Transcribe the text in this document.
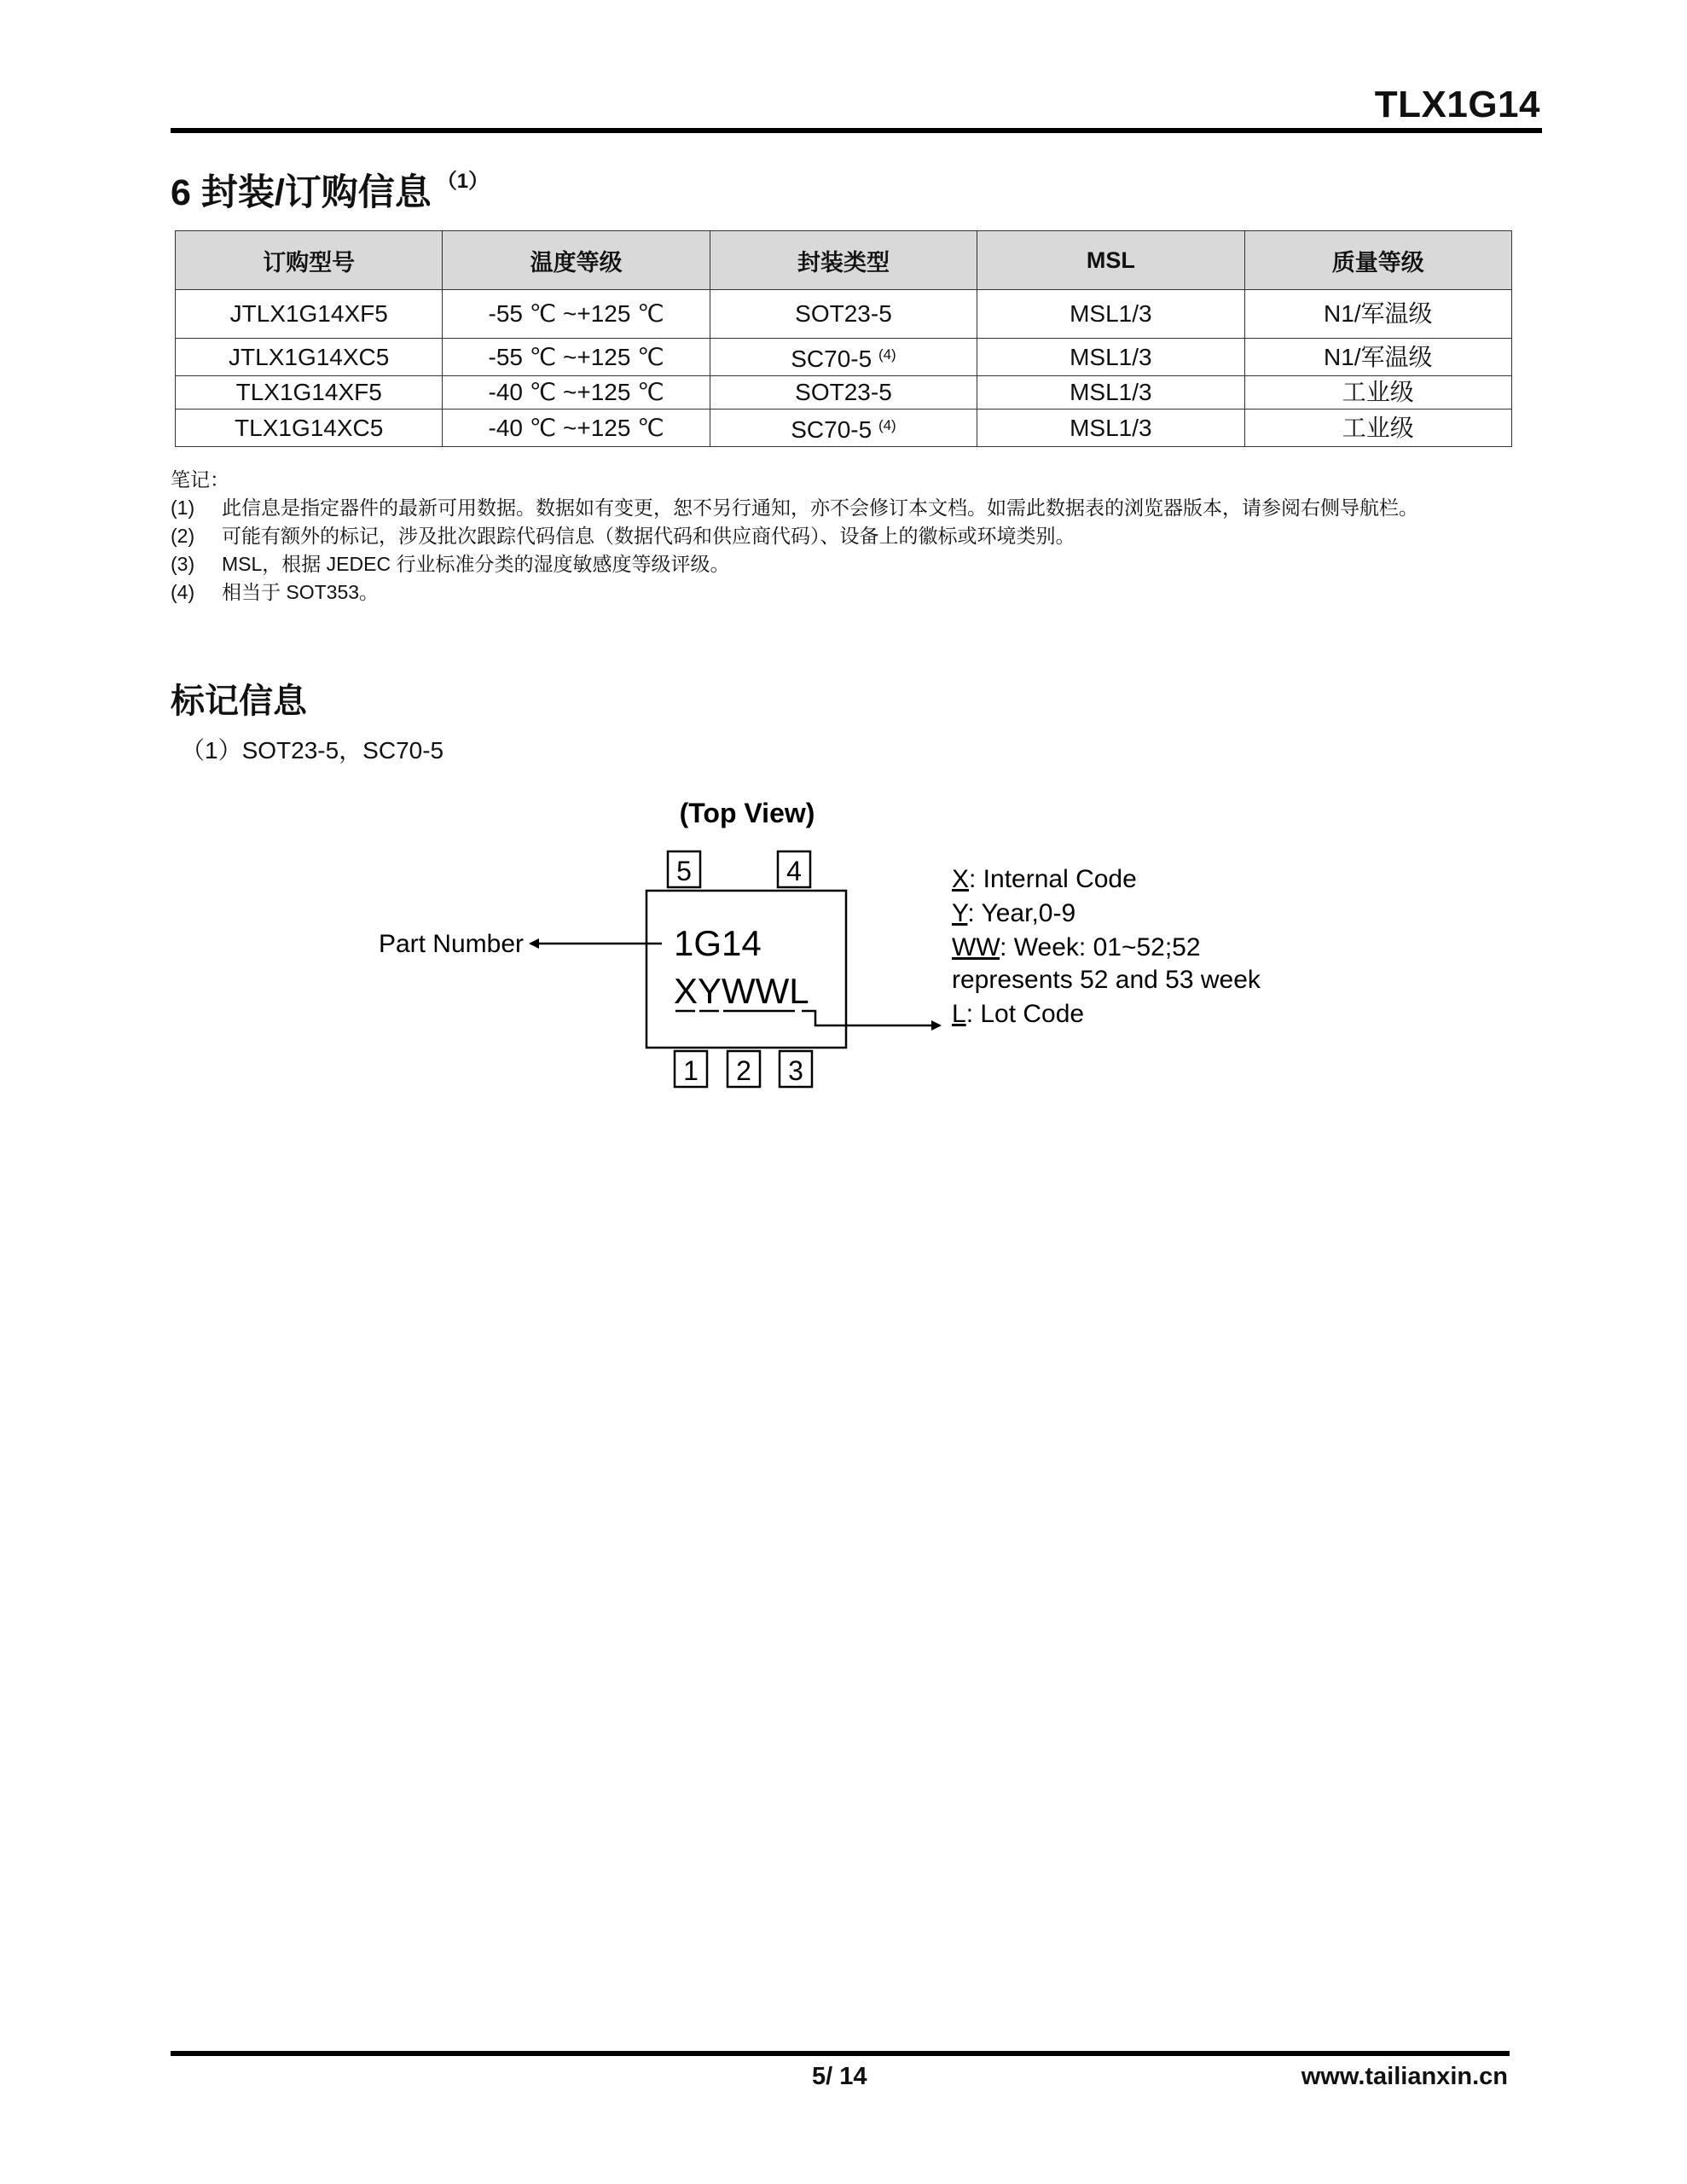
TLX1G14
6 封装/订购信息 $^{(1)}$
订购型号	温度等级	封装类型	MSL	质量等级
JTLX1G14XF5	-55 ℃ ~+125 ℃	SOT23-5	MSL1/3	N1/军温级
JTLX1G14XC5	-55 ℃ ~+125 ℃	SC70-5 $^{(4)}$	MSL1/3	N1/军温级
TLX1G14XF5	-40 ℃ ~+125 ℃	SOT23-5	MSL1/3	工业级
TLX1G14XC5	-40 ℃ ~+125 ℃	SC70-5 $^{(4)}$	MSL1/3	工业级
笔记：
(1)	此信息是指定器件的最新可用数据。数据如有变更，恕不另行通知，亦不会修订本文档。如需此数据表的浏览器版本，请参阅右侧导航栏。
(2)	可能有额外的标记，涉及批次跟踪代码信息（数据代码和供应商代码）、设备上的徽标或环境类别。
(3)	MSL，根据 JEDEC 行业标准分类的湿度敏感度等级评级。
(4)	相当于 SOT353。
标记信息
（1）SOT23-5，SC70-5
(Top View)
5	4
1G14
XYWWL
Part Number
1 2 3
X: Internal Code
Y: Year,0-9
WW: Week: 01~52;52
represents 52 and 53 week
L: Lot Code
5/ 14	www.tailianxin.cn
